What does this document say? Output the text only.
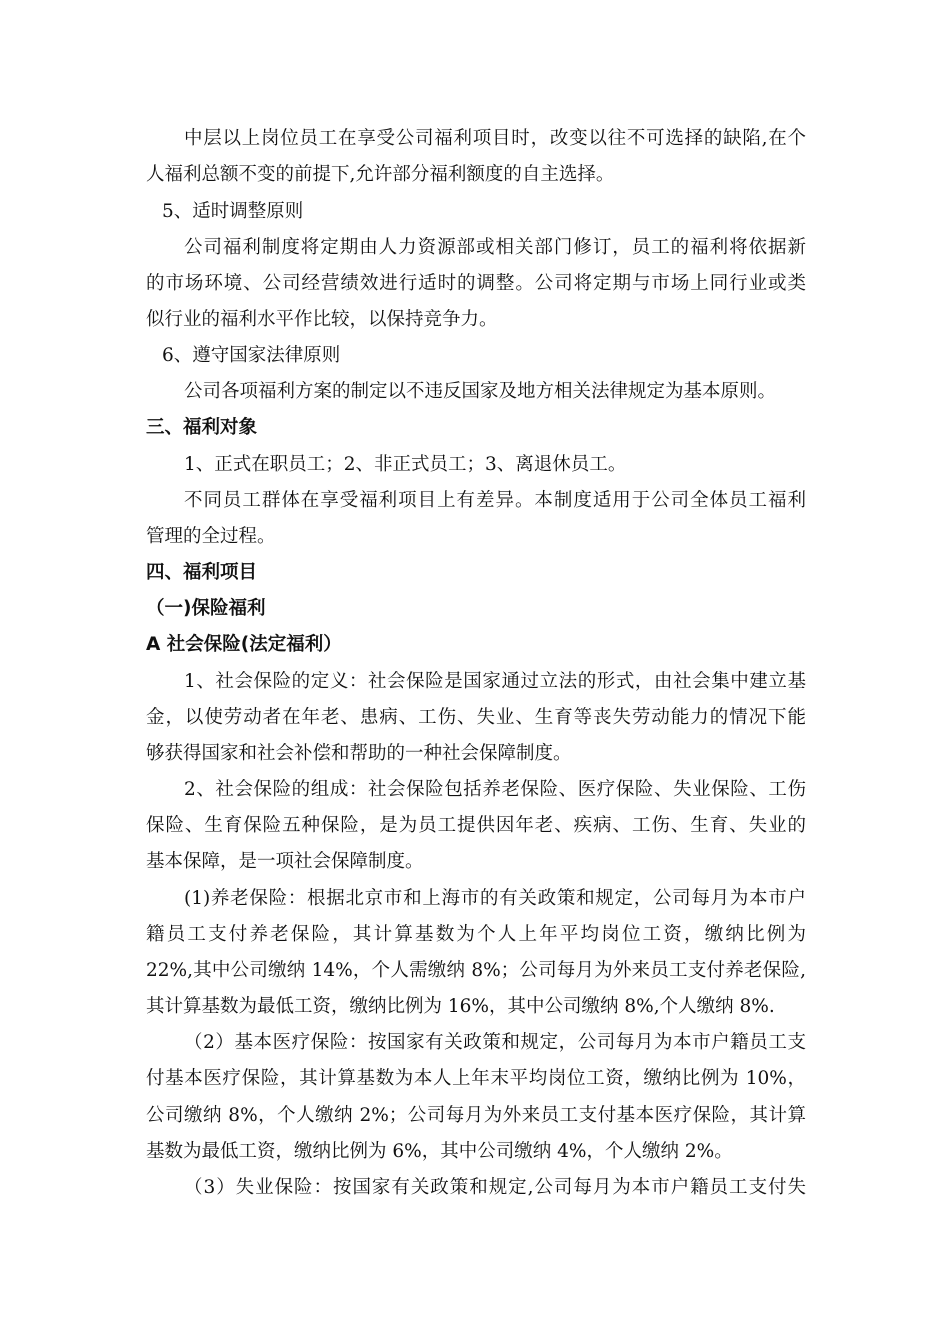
中层以上岗位员工在享受公司福利项目时，改变以往不可选择的缺陷,在个
人福利总额不变的前提下,允许部分福利额度的自主选择。
5、适时调整原则
公司福利制度将定期由人力资源部或相关部门修订，员工的福利将依据新
的市场环境、公司经营绩效进行适时的调整。公司将定期与市场上同行业或类
似行业的福利水平作比较，以保持竞争力。
6、遵守国家法律原则
公司各项福利方案的制定以不违反国家及地方相关法律规定为基本原则。
三、福利对象
1、正式在职员工；2、非正式员工；3、离退休员工。
不同员工群体在享受福利项目上有差异。本制度适用于公司全体员工福利
管理的全过程。
四、福利项目
（一)保险福利
A 社会保险(法定福利）
1、社会保险的定义：社会保险是国家通过立法的形式，由社会集中建立基
金，以使劳动者在年老、患病、工伤、失业、生育等丧失劳动能力的情况下能
够获得国家和社会补偿和帮助的一种社会保障制度。
2、社会保险的组成：社会保险包括养老保险、医疗保险、失业保险、工伤
保险、生育保险五种保险，是为员工提供因年老、疾病、工伤、生育、失业的
基本保障，是一项社会保障制度。
(1)养老保险：根据北京市和上海市的有关政策和规定，公司每月为本市户
籍员工支付养老保险，其计算基数为个人上年平均岗位工资，缴纳比例为
22%,其中公司缴纳 14%，个人需缴纳 8%；公司每月为外来员工支付养老保险,
其计算基数为最低工资，缴纳比例为 16%，其中公司缴纳 8%,个人缴纳 8%.
（2）基本医疗保险：按国家有关政策和规定，公司每月为本市户籍员工支
付基本医疗保险，其计算基数为本人上年末平均岗位工资，缴纳比例为 10%，
公司缴纳 8%，个人缴纳 2%；公司每月为外来员工支付基本医疗保险，其计算
基数为最低工资，缴纳比例为 6%，其中公司缴纳 4%，个人缴纳 2%。
（3）失业保险：按国家有关政策和规定,公司每月为本市户籍员工支付失
